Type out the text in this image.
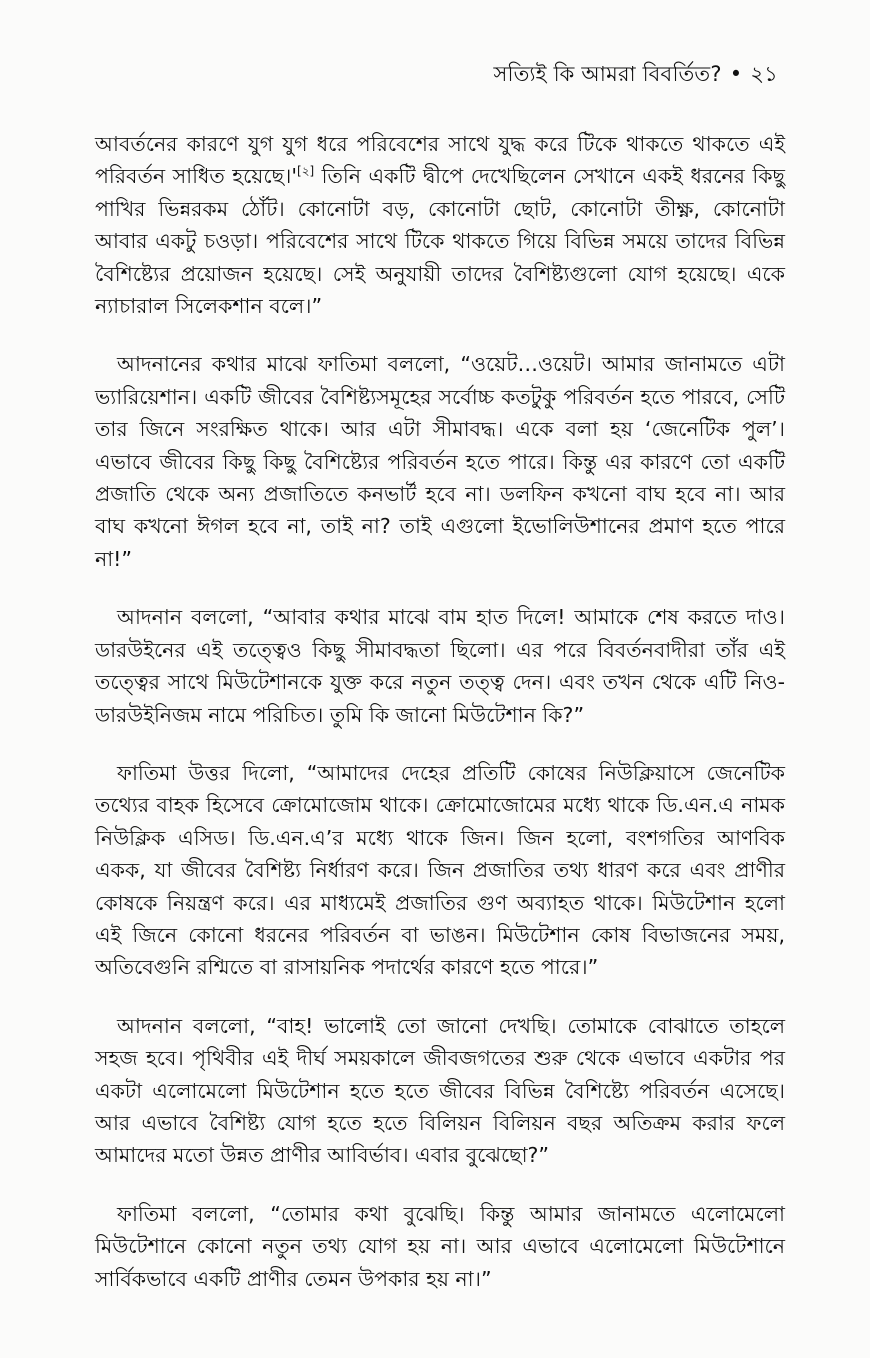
সত্যিই কি আমরা বিবর্তিত? • ২১

আবর্তনের কারণে যুগ যুগ ধরে পরিবেশের সাথে যুদ্ধ করে টিকে থাকতে থাকতে এই পরিবর্তন সাধিত হয়েছে।'[২] তিনি একটি দ্বীপে দেখেছিলেন সেখানে একই ধরনের কিছু পাখির ভিন্নরকম ঠোঁট। কোনোটা বড়, কোনোটা ছোট, কোনোটা তীক্ষ্ণ, কোনোটা আবার একটু চওড়া। পরিবেশের সাথে টিকে থাকতে গিয়ে বিভিন্ন সময়ে তাদের বিভিন্ন বৈশিষ্ট্যের প্রয়োজন হয়েছে। সেই অনুযায়ী তাদের বৈশিষ্ট্যগুলো যোগ হয়েছে। একে ন্যাচারাল সিলেকশান বলে।”

আদনানের কথার মাঝে ফাতিমা বললো, “ওয়েট…ওয়েট। আমার জানামতে এটা ভ্যারিয়েশান। একটি জীবের বৈশিষ্ট্যসমূহের সর্বোচ্চ কতটুকু পরিবর্তন হতে পারবে, সেটি তার জিনে সংরক্ষিত থাকে। আর এটা সীমাবদ্ধ। একে বলা হয় ‘জেনেটিক পুল’। এভাবে জীবের কিছু কিছু বৈশিষ্ট্যের পরিবর্তন হতে পারে। কিন্তু এর কারণে তো একটি প্রজাতি থেকে অন্য প্রজাতিতে কনভার্ট হবে না। ডলফিন কখনো বাঘ হবে না। আর বাঘ কখনো ঈগল হবে না, তাই না? তাই এগুলো ইভোলিউশানের প্রমাণ হতে পারে না!”

আদনান বললো, “আবার কথার মাঝে বাম হাত দিলে! আমাকে শেষ করতে দাও। ডারউইনের এই তত্ত্বেও কিছু সীমাবদ্ধতা ছিলো। এর পরে বিবর্তনবাদীরা তাঁর এই তত্ত্বের সাথে মিউটেশানকে যুক্ত করে নতুন তত্ত্ব দেন। এবং তখন থেকে এটি নিও-ডারউইনিজম নামে পরিচিত। তুমি কি জানো মিউটেশান কি?”

ফাতিমা উত্তর দিলো, “আমাদের দেহের প্রতিটি কোষের নিউক্লিয়াসে জেনেটিক তথ্যের বাহক হিসেবে ক্রোমোজোম থাকে। ক্রোমোজোমের মধ্যে থাকে ডি.এন.এ নামক নিউক্লিক এসিড। ডি.এন.এ’র মধ্যে থাকে জিন। জিন হলো, বংশগতির আণবিক একক, যা জীবের বৈশিষ্ট্য নির্ধারণ করে। জিন প্রজাতির তথ্য ধারণ করে এবং প্রাণীর কোষকে নিয়ন্ত্রণ করে। এর মাধ্যমেই প্রজাতির গুণ অব্যাহত থাকে। মিউটেশান হলো এই জিনে কোনো ধরনের পরিবর্তন বা ভাঙন। মিউটেশান কোষ বিভাজনের সময়, অতিবেগুনি রশ্মিতে বা রাসায়নিক পদার্থের কারণে হতে পারে।”

আদনান বললো, “বাহ! ভালোই তো জানো দেখছি। তোমাকে বোঝাতে তাহলে সহজ হবে। পৃথিবীর এই দীর্ঘ সময়কালে জীবজগতের শুরু থেকে এভাবে একটার পর একটা এলোমেলো মিউটেশান হতে হতে জীবের বিভিন্ন বৈশিষ্ট্যে পরিবর্তন এসেছে। আর এভাবে বৈশিষ্ট্য যোগ হতে হতে বিলিয়ন বিলিয়ন বছর অতিক্রম করার ফলে আমাদের মতো উন্নত প্রাণীর আবির্ভাব। এবার বুঝেছো?”

ফাতিমা বললো, “তোমার কথা বুঝেছি। কিন্তু আমার জানামতে এলোমেলো মিউটেশানে কোনো নতুন তথ্য যোগ হয় না। আর এভাবে এলোমেলো মিউটেশানে সার্বিকভাবে একটি প্রাণীর তেমন উপকার হয় না।”
